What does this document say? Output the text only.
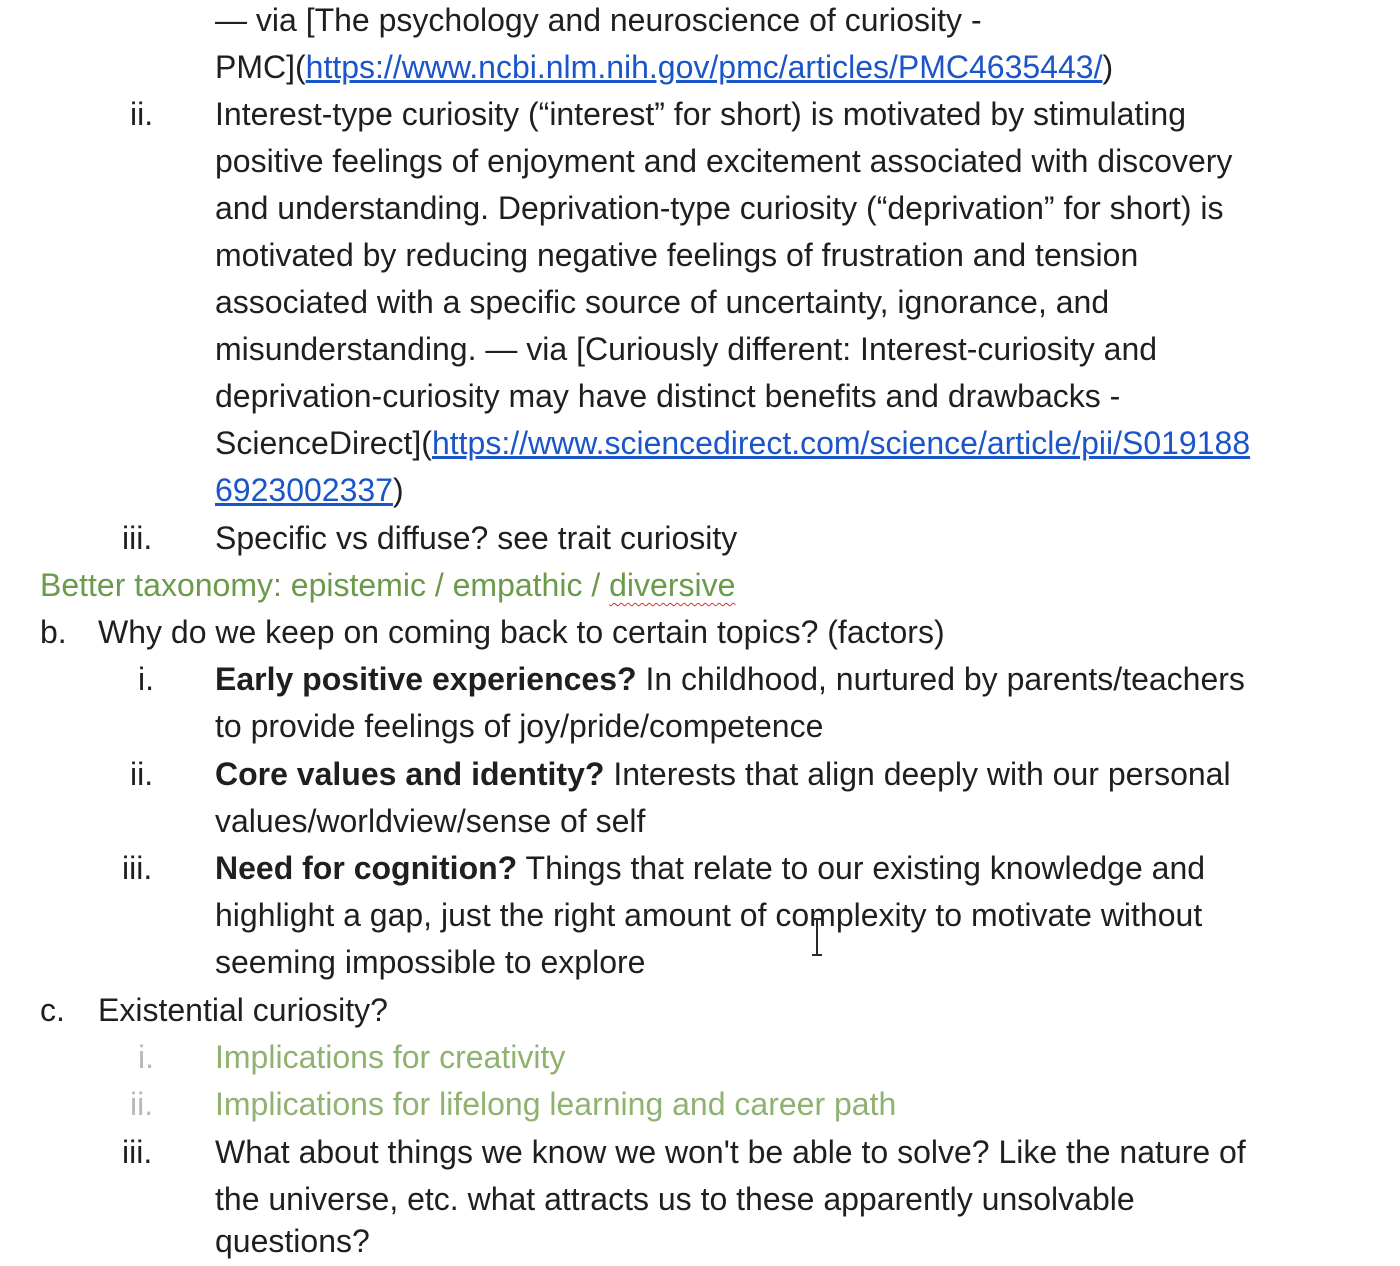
— via [The psychology and neuroscience of curiosity -
PMC](https://www.ncbi.nlm.nih.gov/pmc/articles/PMC4635443/)
ii. Interest-type curiosity (“interest” for short) is motivated by stimulating
positive feelings of enjoyment and excitement associated with discovery
and understanding. Deprivation-type curiosity (“deprivation” for short) is
motivated by reducing negative feelings of frustration and tension
associated with a specific source of uncertainty, ignorance, and
misunderstanding. — via [Curiously different: Interest-curiosity and
deprivation-curiosity may have distinct benefits and drawbacks -
ScienceDirect](https://www.sciencedirect.com/science/article/pii/S019188
6923002337)
iii. Specific vs diffuse? see trait curiosity
Better taxonomy: epistemic / empathic / diversive
b. Why do we keep on coming back to certain topics? (factors)
i. Early positive experiences? In childhood, nurtured by parents/teachers
to provide feelings of joy/pride/competence
ii. Core values and identity? Interests that align deeply with our personal
values/worldview/sense of self
iii. Need for cognition? Things that relate to our existing knowledge and
highlight a gap, just the right amount of complexity to motivate without
seeming impossible to explore
c. Existential curiosity?
i. Implications for creativity
ii. Implications for lifelong learning and career path
iii. What about things we know we won't be able to solve? Like the nature of
the universe, etc. what attracts us to these apparently unsolvable
questions?
